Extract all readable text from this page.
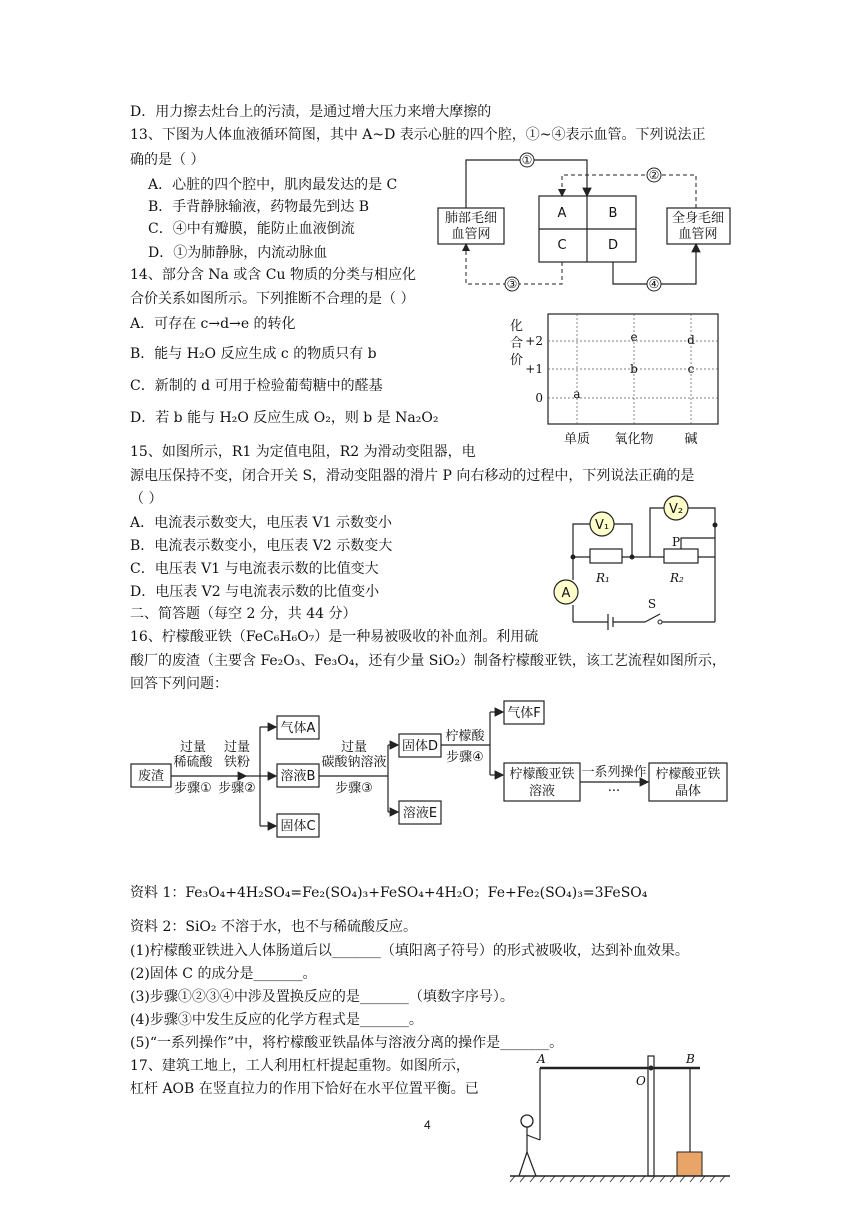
D．用力擦去灶台上的污渍，是通过增大压力来增大摩擦的
13、下图为人体血液循环简图，其中 A~D 表示心脏的四个腔，①~④表示血管。下列说法正
确的是（ ）
A．心脏的四个腔中，肌肉最发达的是 C
B．手背静脉输液，药物最先到达 B
C．④中有瓣膜，能防止血液倒流
D．①为肺静脉，内流动脉血
14、部分含 Na 或含 Cu 物质的分类与相应化
合价关系如图所示。下列推断不合理的是（ ）
A．可存在 c→d→e 的转化
B．能与 H₂O 反应生成 c 的物质只有 b
C．新制的 d 可用于检验葡萄糖中的醛基
D．若 b 能与 H₂O 反应生成 O₂，则 b 是 Na₂O₂
15、如图所示，R1 为定值电阻，R2 为滑动变阻器，电
源电压保持不变，闭合开关 S，滑动变阻器的滑片 P 向右移动的过程中，下列说法正确的是
（ ）
A．电流表示数变大，电压表 V1 示数变小
B．电流表示数变小，电压表 V2 示数变大
C．电压表 V1 与电流表示数的比值变大
D．电压表 V2 与电流表示数的比值变小
二、简答题（每空 2 分，共 44 分）
16、柠檬酸亚铁（FeC₆H₆O₇）是一种易被吸收的补血剂。利用硫
酸厂的废渣（主要含 Fe₂O₃、Fe₃O₄，还有少量 SiO₂）制备柠檬酸亚铁，该工艺流程如图所示，
回答下列问题：
资料 1：Fe₃O₄+4H₂SO₄=Fe₂(SO₄)₃+FeSO₄+4H₂O；Fe+Fe₂(SO₄)₃=3FeSO₄
资料 2：SiO₂ 不溶于水，也不与稀硫酸反应。
(1)柠檬酸亚铁进入人体肠道后以_______（填阳离子符号）的形式被吸收，达到补血效果。
(2)固体 C 的成分是_______。
(3)步骤①②③④中涉及置换反应的是_______（填数字序号）。
(4)步骤③中发生反应的化学方程式是_______。
(5)“一系列操作”中，将柠檬酸亚铁晶体与溶液分离的操作是_______。
17、建筑工地上，工人利用杠杆提起重物。如图所示，
杠杆 AOB 在竖直拉力的作用下恰好在水平位置平衡。已
4
肺部毛细
血管网
全身毛细
血管网
A	B
C	D
①
②
③	④
化
合
价
+2
+1
0
单质 氧化物 碱
a
b	c
d
e
S
A
V₁
V₂
P
R₁	R₂
废渣
过量
稀硫酸
步骤①
过量
铁粉
步骤②
气体A
溶液B
固体C
过量
碳酸钠溶液
步骤③
固体D
溶液E
柠檬酸
步骤④
气体F
柠檬酸亚铁
溶液
一系列操作
···
柠檬酸亚铁
晶体
A	B
O
